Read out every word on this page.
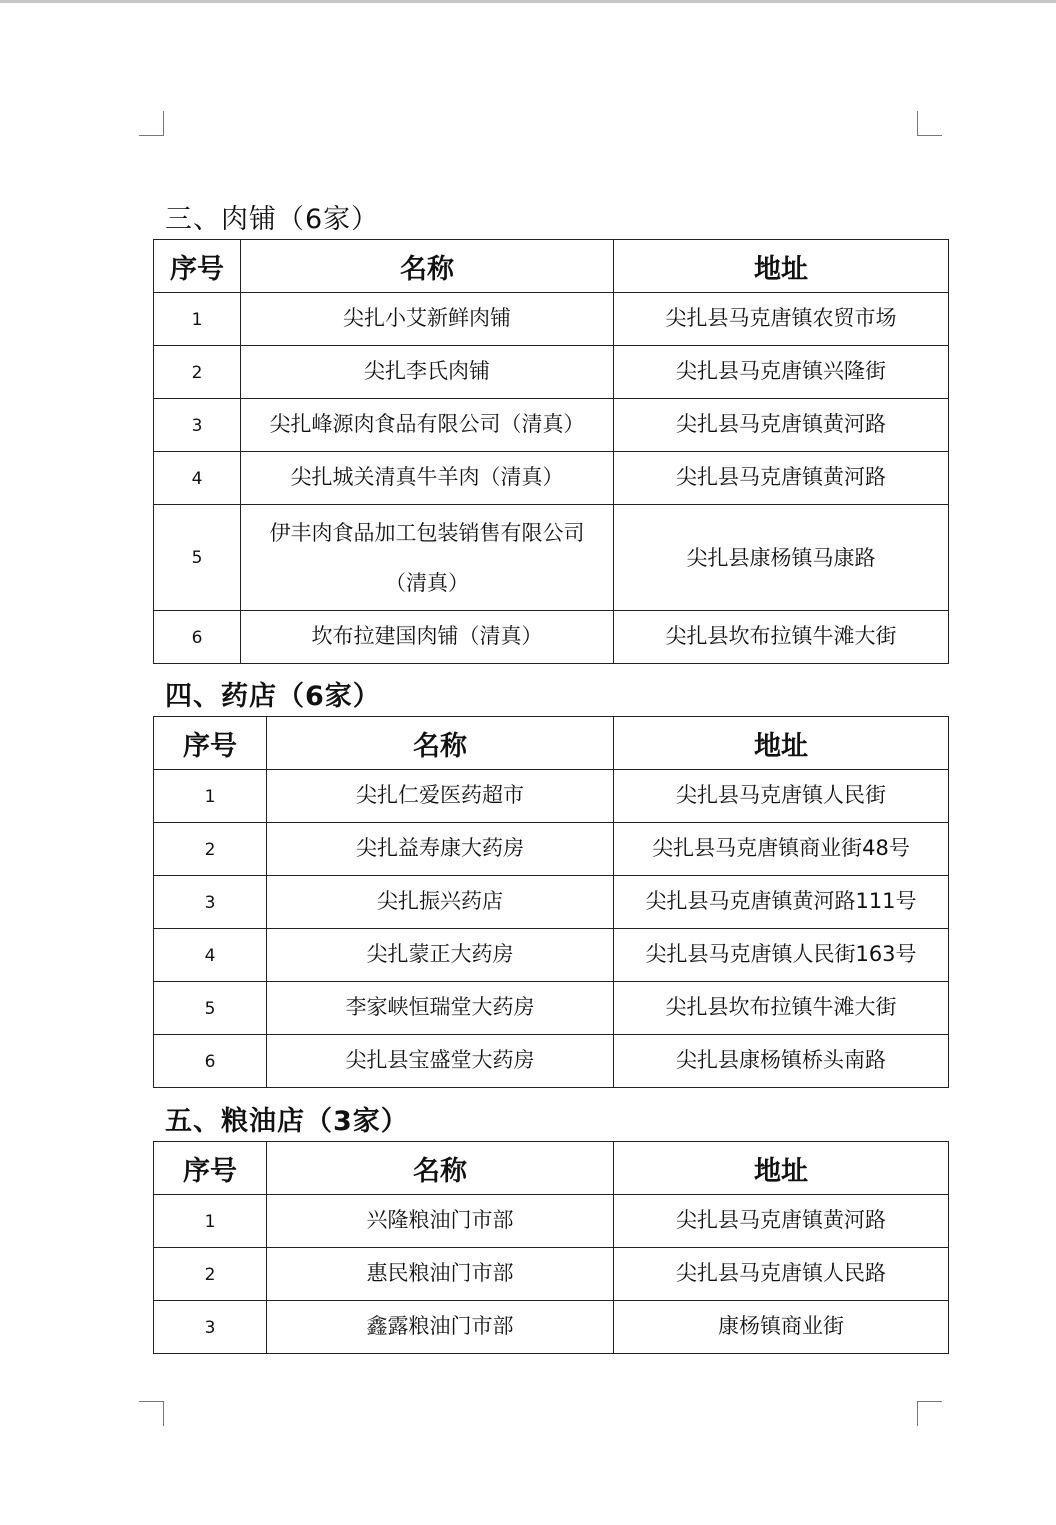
三、肉铺（6家）
序号	名称	地址
1	尖扎小艾新鲜肉铺	尖扎县马克唐镇农贸市场
2	尖扎李氏肉铺	尖扎县马克唐镇兴隆街
3	尖扎峰源肉食品有限公司（清真）	尖扎县马克唐镇黄河路
4	尖扎城关清真牛羊肉（清真）	尖扎县马克唐镇黄河路
5	伊丰肉食品加工包装销售有限公司（清真）	尖扎县康杨镇马康路
6	坎布拉建国肉铺（清真）	尖扎县坎布拉镇牛滩大街
四、药店（6家）
序号	名称	地址
1	尖扎仁爱医药超市	尖扎县马克唐镇人民街
2	尖扎益寿康大药房	尖扎县马克唐镇商业街48号
3	尖扎振兴药店	尖扎县马克唐镇黄河路111号
4	尖扎蒙正大药房	尖扎县马克唐镇人民街163号
5	李家峡恒瑞堂大药房	尖扎县坎布拉镇牛滩大街
6	尖扎县宝盛堂大药房	尖扎县康杨镇桥头南路
五、粮油店（3家）
序号	名称	地址
1	兴隆粮油门市部	尖扎县马克唐镇黄河路
2	惠民粮油门市部	尖扎县马克唐镇人民路
3	鑫露粮油门市部	康杨镇商业街
